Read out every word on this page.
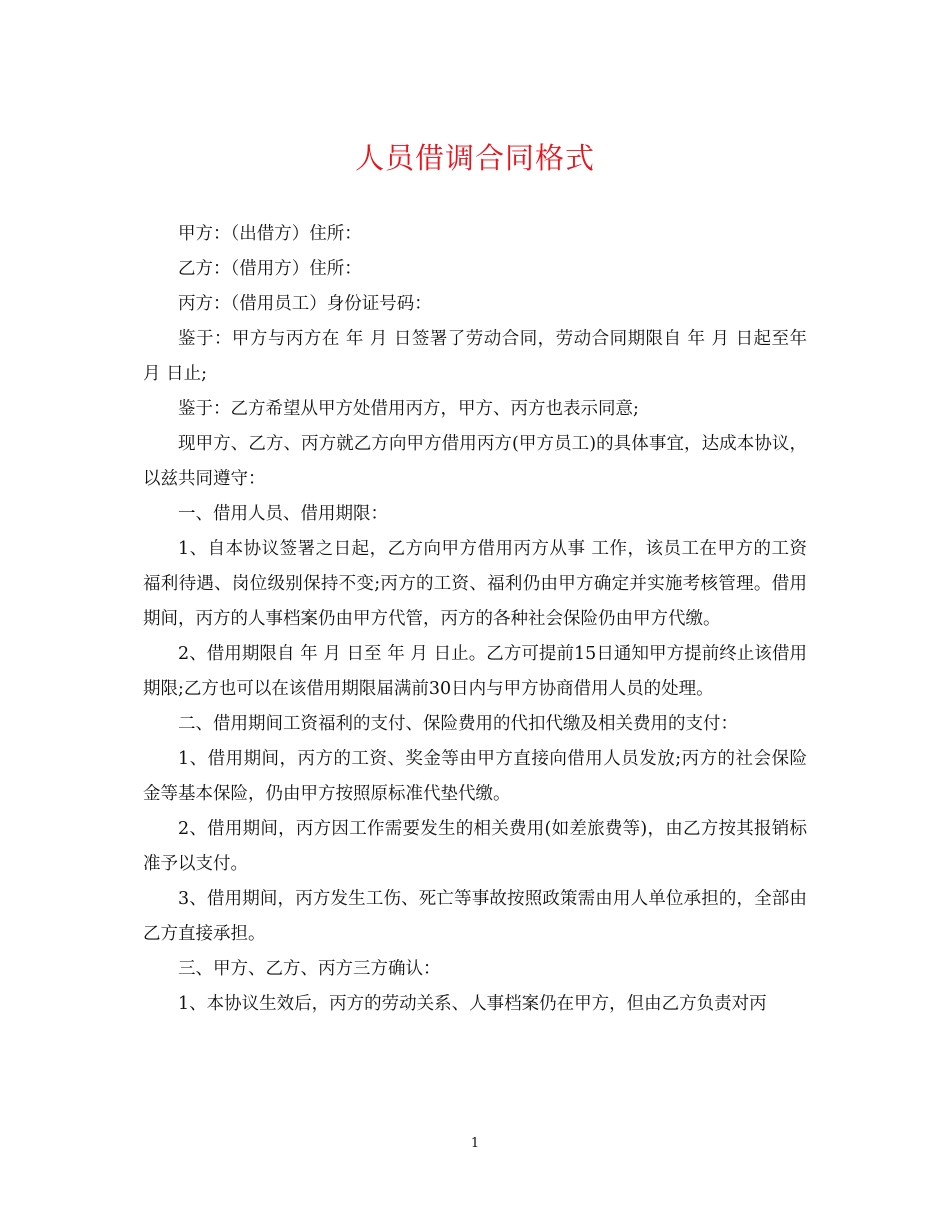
人员借调合同格式

甲方：（出借方）住所：

乙方：（借用方）住所：

丙方：（借用员工）身份证号码：

鉴于：甲方与丙方在 年 月 日签署了劳动合同，劳动合同期限自 年 月 日起至年 月 日止;

鉴于：乙方希望从甲方处借用丙方，甲方、丙方也表示同意;

现甲方、乙方、丙方就乙方向甲方借用丙方(甲方员工)的具体事宜，达成本协议，以兹共同遵守：

一、借用人员、借用期限：

1、自本协议签署之日起，乙方向甲方借用丙方从事 工作，该员工在甲方的工资福利待遇、岗位级别保持不变;丙方的工资、福利仍由甲方确定并实施考核管理。借用期间，丙方的人事档案仍由甲方代管，丙方的各种社会保险仍由甲方代缴。

2、借用期限自 年 月 日至 年 月 日止。乙方可提前15日通知甲方提前终止该借用期限;乙方也可以在该借用期限届满前30日内与甲方协商借用人员的处理。

二、借用期间工资福利的支付、保险费用的代扣代缴及相关费用的支付：

1、借用期间，丙方的工资、奖金等由甲方直接向借用人员发放;丙方的社会保险金等基本保险，仍由甲方按照原标准代垫代缴。

2、借用期间，丙方因工作需要发生的相关费用(如差旅费等)，由乙方按其报销标准予以支付。

3、借用期间，丙方发生工伤、死亡等事故按照政策需由用人单位承担的，全部由乙方直接承担。

三、甲方、乙方、丙方三方确认：

1、本协议生效后，丙方的劳动关系、人事档案仍在甲方，但由乙方负责对丙

1
